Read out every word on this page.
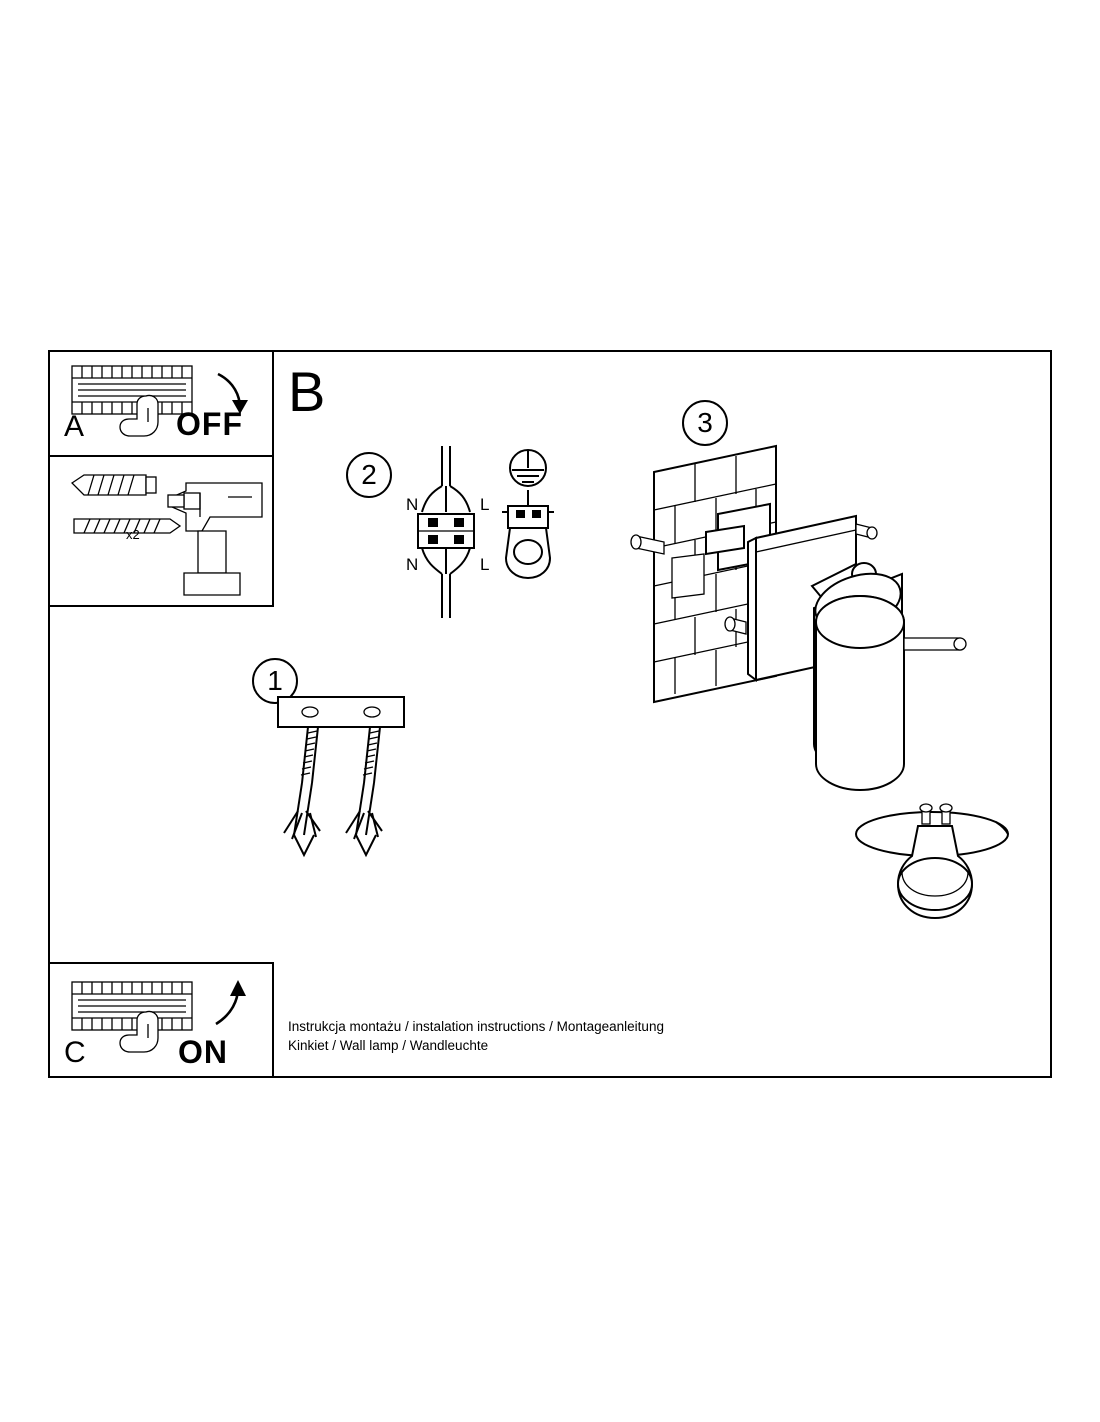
A	OFF
x2
C	ON
B
1
2
N	L
N	L
3
Instrukcja montażu / instalation instructions / Montageanleitung
Kinkiet / Wall lamp / Wandleuchte
